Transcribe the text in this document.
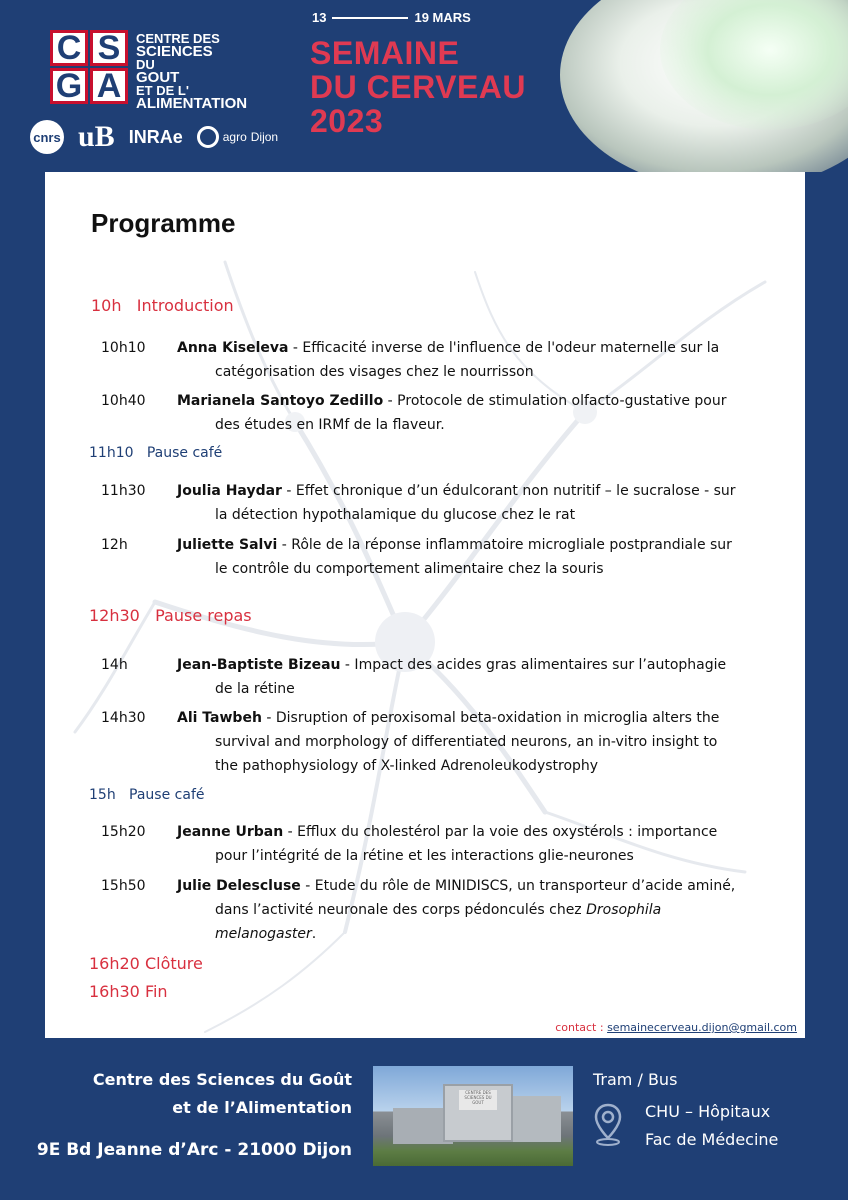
C S
G A
CENTRE DES
SCIENCES
DU
GOUT
ET DE L'
ALIMENTATION
cnrs uB INRAe	agro Dijon
13	19 MARS
SEMAINE
DU CERVEAU
2023
Programme
10h   Introduction
10h10	Anna Kiseleva - Efficacité inverse de l'influence de l'odeur maternelle sur la
catégorisation des visages chez le nourrisson
10h40	Marianela Santoyo Zedillo - Protocole de stimulation olfacto-gustative pour
des études en IRMf de la flaveur.
11h10   Pause café
11h30	Joulia Haydar - Effet chronique d’un édulcorant non nutritif – le sucralose - sur
la détection hypothalamique du glucose chez le rat
12h	Juliette Salvi - Rôle de la réponse inflammatoire microgliale postprandiale sur
le contrôle du comportement alimentaire chez la souris
12h30   Pause repas
14h	Jean-Baptiste Bizeau - Impact des acides gras alimentaires sur l’autophagie
de la rétine
14h30	Ali Tawbeh - Disruption of peroxisomal beta-oxidation in microglia alters the
survival and morphology of differentiated neurons, an in-vitro insight to
the pathophysiology of X-linked Adrenoleukodystrophy
15h   Pause café
15h20	Jeanne Urban - Efflux du cholestérol par la voie des oxystérols : importance
pour l’intégrité de la rétine et les interactions glie-neurones
15h50	Julie Delescluse - Etude du rôle de MINIDISCS, un transporteur d’acide aminé,
dans l’activité neuronale des corps pédonculés chez Drosophila
melanogaster.
16h20 Clôture
16h30 Fin
contact : semainecerveau.dijon@gmail.com
Centre des Sciences du Goût
et de l’Alimentation
9E Bd Jeanne d’Arc - 21000 Dijon
CENTRE DES SCIENCES DU GOUT
Tram / Bus
CHU – Hôpitaux
Fac de Médecine
